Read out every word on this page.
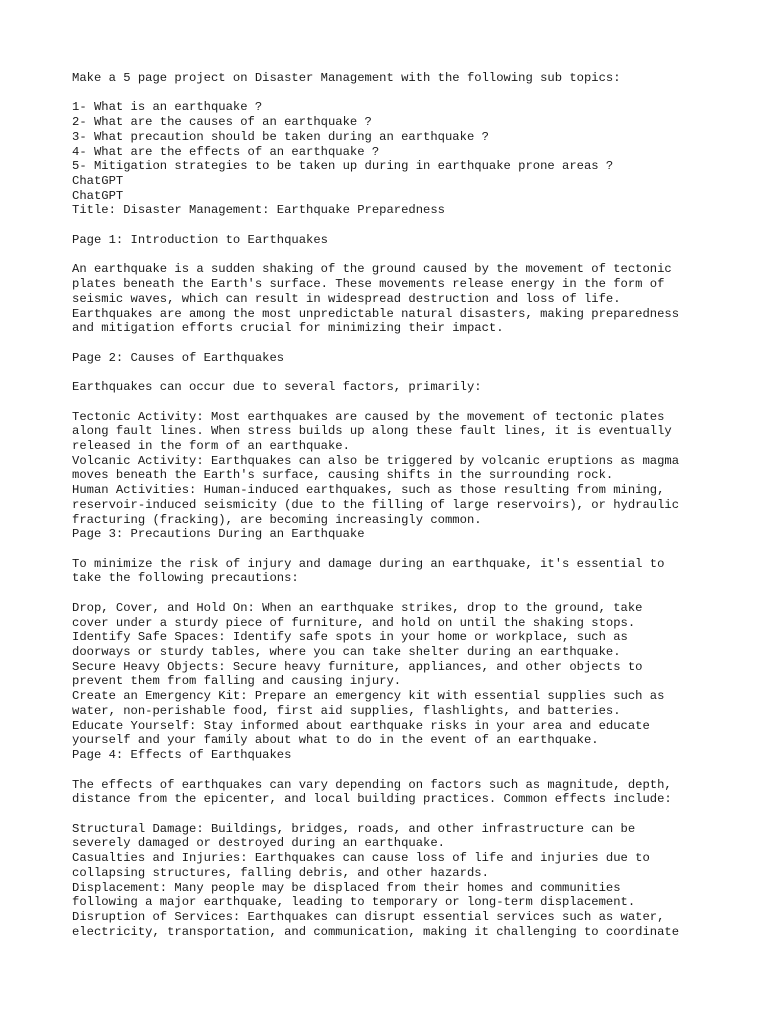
Make a 5 page project on Disaster Management with the following sub topics:
1- What is an earthquake ?
2- What are the causes of an earthquake ?
3- What precaution should be taken during an earthquake ?
4- What are the effects of an earthquake ?
5- Mitigation strategies to be taken up during in earthquake prone areas ?
ChatGPT
ChatGPT
Title: Disaster Management: Earthquake Preparedness
Page 1: Introduction to Earthquakes
An earthquake is a sudden shaking of the ground caused by the movement of tectonic
plates beneath the Earth's surface. These movements release energy in the form of
seismic waves, which can result in widespread destruction and loss of life.
Earthquakes are among the most unpredictable natural disasters, making preparedness
and mitigation efforts crucial for minimizing their impact.
Page 2: Causes of Earthquakes
Earthquakes can occur due to several factors, primarily:
Tectonic Activity: Most earthquakes are caused by the movement of tectonic plates
along fault lines. When stress builds up along these fault lines, it is eventually
released in the form of an earthquake.
Volcanic Activity: Earthquakes can also be triggered by volcanic eruptions as magma
moves beneath the Earth's surface, causing shifts in the surrounding rock.
Human Activities: Human-induced earthquakes, such as those resulting from mining,
reservoir-induced seismicity (due to the filling of large reservoirs), or hydraulic
fracturing (fracking), are becoming increasingly common.
Page 3: Precautions During an Earthquake
To minimize the risk of injury and damage during an earthquake, it's essential to
take the following precautions:
Drop, Cover, and Hold On: When an earthquake strikes, drop to the ground, take
cover under a sturdy piece of furniture, and hold on until the shaking stops.
Identify Safe Spaces: Identify safe spots in your home or workplace, such as
doorways or sturdy tables, where you can take shelter during an earthquake.
Secure Heavy Objects: Secure heavy furniture, appliances, and other objects to
prevent them from falling and causing injury.
Create an Emergency Kit: Prepare an emergency kit with essential supplies such as
water, non-perishable food, first aid supplies, flashlights, and batteries.
Educate Yourself: Stay informed about earthquake risks in your area and educate
yourself and your family about what to do in the event of an earthquake.
Page 4: Effects of Earthquakes
The effects of earthquakes can vary depending on factors such as magnitude, depth,
distance from the epicenter, and local building practices. Common effects include:
Structural Damage: Buildings, bridges, roads, and other infrastructure can be
severely damaged or destroyed during an earthquake.
Casualties and Injuries: Earthquakes can cause loss of life and injuries due to
collapsing structures, falling debris, and other hazards.
Displacement: Many people may be displaced from their homes and communities
following a major earthquake, leading to temporary or long-term displacement.
Disruption of Services: Earthquakes can disrupt essential services such as water,
electricity, transportation, and communication, making it challenging to coordinate
